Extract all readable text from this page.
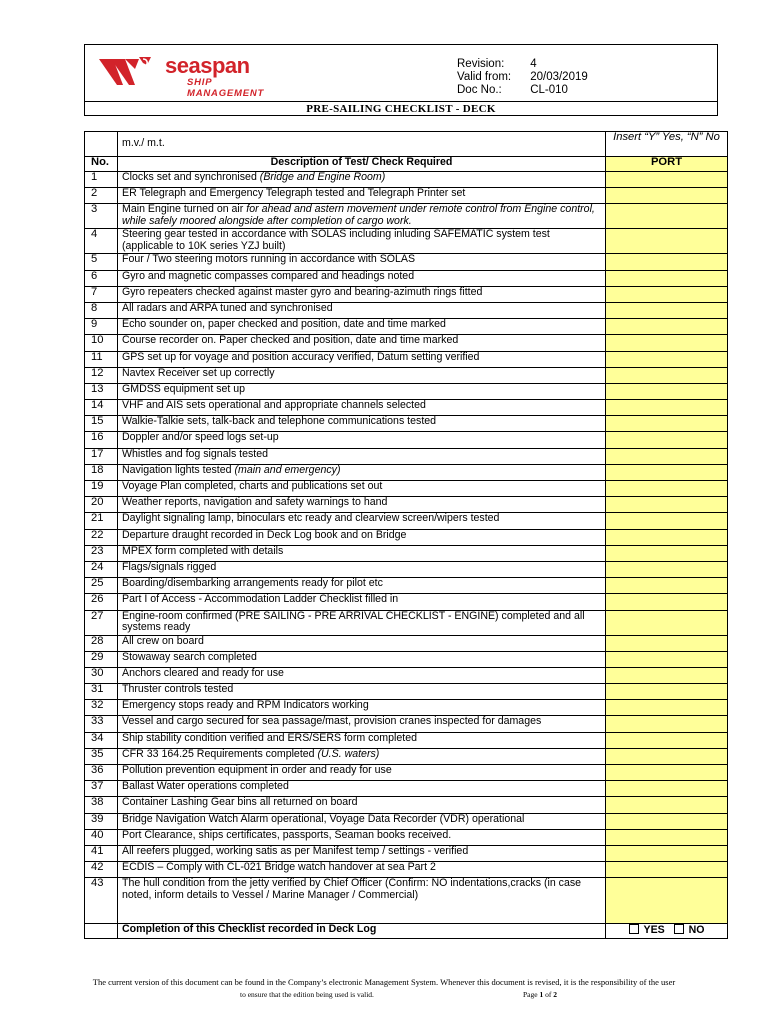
seaspan
SHIP MANAGEMENT
Revision: 4
Valid from: 20/03/2019
Doc No.: CL-010
PRE-SAILING CHECKLIST - DECK
	m.v./ m.t.	Insert “Y” Yes, “N” No
No.	Description of Test/ Check Required	PORT
1	Clocks set and synchronised (Bridge and Engine Room)	
2	ER Telegraph and Emergency Telegraph tested and Telegraph Printer set	
3	Main Engine turned on air for ahead and astern movement under remote control from Engine control, while safely moored alongside after completion of cargo work.	
4	Steering gear tested in accordance with SOLAS including inluding SAFEMATIC system test (applicable to 10K series YZJ built)	
5	Four / Two steering motors running in accordance with SOLAS	
6	Gyro and magnetic compasses compared and headings noted	
7	Gyro repeaters checked against master gyro and bearing-azimuth rings fitted	
8	All radars and ARPA tuned and synchronised	
9	Echo sounder on, paper checked and position, date and time marked	
10	Course recorder on. Paper checked and position, date and time marked	
11	GPS set up for voyage and position accuracy verified, Datum setting verified	
12	Navtex Receiver set up correctly	
13	GMDSS equipment set up	
14	VHF and AIS sets operational and appropriate channels selected	
15	Walkie-Talkie sets, talk-back and telephone communications tested	
16	Doppler and/or speed logs set-up	
17	Whistles and fog signals tested	
18	Navigation lights tested (main and emergency)	
19	Voyage Plan completed, charts and publications set out	
20	Weather reports, navigation and safety warnings to hand	
21	Daylight signaling lamp, binoculars etc ready and clearview screen/wipers tested	
22	Departure draught recorded in Deck Log book and on Bridge	
23	MPEX form completed with details	
24	Flags/signals rigged	
25	Boarding/disembarking arrangements ready for pilot etc	
26	Part I of Access - Accommodation Ladder Checklist filled in	
27	Engine-room confirmed (PRE SAILING - PRE ARRIVAL CHECKLIST - ENGINE) completed and all systems ready	
28	All crew on board	
29	Stowaway search completed	
30	Anchors cleared and ready for use	
31	Thruster controls tested	
32	Emergency stops ready and RPM Indicators working	
33	Vessel and cargo secured for sea passage/mast, provision cranes inspected for damages	
34	Ship stability condition verified and ERS/SERS form completed	
35	CFR 33 164.25 Requirements completed (U.S. waters)	
36	Pollution prevention equipment in order and ready for use	
37	Ballast Water operations completed	
38	Container Lashing Gear bins all returned on board	
39	Bridge Navigation Watch Alarm operational, Voyage Data Recorder (VDR) operational	
40	Port Clearance, ships certificates, passports, Seaman books received.	
41	All reefers plugged, working satis as per Manifest temp / settings - verified	
42	ECDIS – Comply with CL-021 Bridge watch handover at sea Part 2	
43	The hull condition from the jetty verified by Chief Officer (Confirm: NO indentations,cracks (in case noted, inform details to Vessel / Marine Manager / Commercial)	
	Completion of this Checklist recorded in Deck Log	YES NO
The current version of this document can be found in the Company’s electronic Management System. Whenever this document is revised, it is the responsibility of the user
to ensure that the edition being used is valid.	Page 1 of 2
